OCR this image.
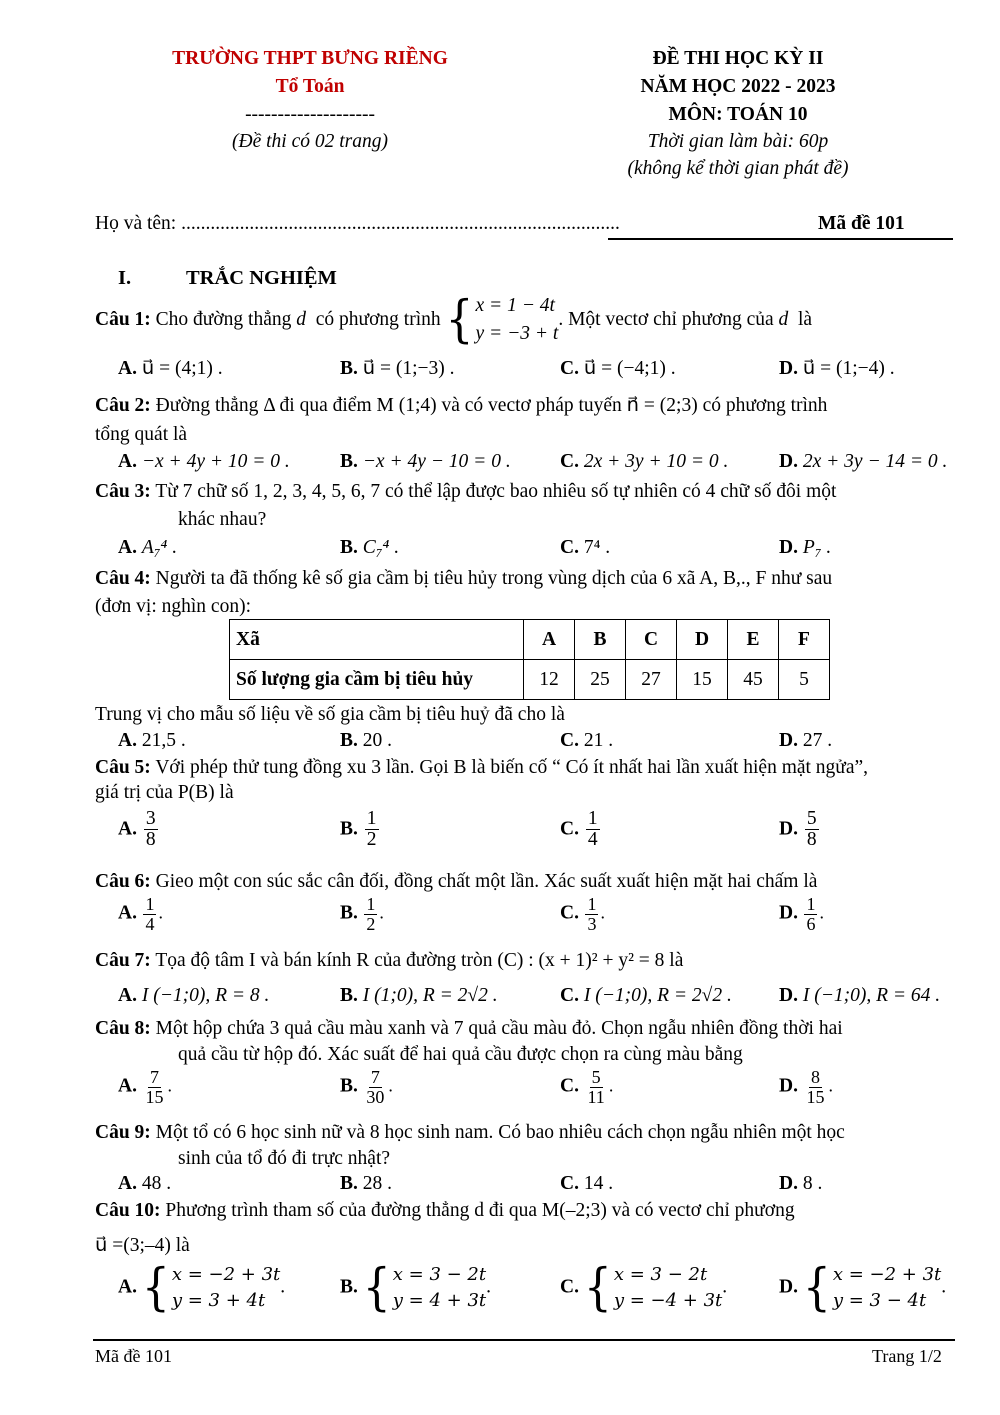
TRƯỜNG THPT BƯNG RIỀNG
Tổ Toán
--------------------
(Đề thi có 02 trang)
ĐỀ THI HỌC KỲ II
NĂM HỌC 2022 - 2023
MÔN: TOÁN 10
Thời gian làm bài: 60p
(không kể thời gian phát đề)
Họ và tên: ..........................................................................................	Mã đề 101
I.	TRẮC NGHIỆM
Câu 1:
Cho đường thẳng
d
có phương trình
{ x = 1 − 4t
y = −3 + t
. Một vectơ chỉ phương của
d
là
A. u⃗ = (4;1) .	B. u⃗ = (1;−3) .	C. u⃗ = (−4;1) .	D. u⃗ = (1;−4) .
Câu 2: Đường thẳng Δ đi qua điểm M (1;4) và có vectơ pháp tuyến n⃗ = (2;3) có phương trình
tổng quát là
A. −x + 4y + 10 = 0 .	B. −x + 4y − 10 = 0 .	C. 2x + 3y + 10 = 0 .	D. 2x + 3y − 14 = 0 .
Câu 3: Từ 7 chữ số 1, 2, 3, 4, 5, 6, 7 có thể lập được bao nhiêu số tự nhiên có 4 chữ số đôi một
khác nhau?
A. A₇⁴ .	B. C₇⁴ .	C. 7⁴ .	D. P₇ .
Câu 4: Người ta đã thống kê số gia cầm bị tiêu hủy trong vùng dịch của 6 xã A, B,., F như sau
(đơn vị: nghìn con):
Xã	A	B	C	D	E	F
Số lượng gia cầm bị tiêu hủy	12	25	27	15	45	5
Trung vị cho mẫu số liệu về số gia cầm bị tiêu huỷ đã cho là
A. 21,5 .	B. 20 .	C. 21 .	D. 27 .
Câu 5: Với phép thử tung đồng xu 3 lần. Gọi B là biến cố “ Có ít nhất hai lần xuất hiện mặt ngửa”,
giá trị của P(B) là
A. $\frac{3}{8}$	B. $\frac{1}{2}$	C. $\frac{1}{4}$	D. $\frac{5}{8}$
Câu 6: Gieo một con súc sắc cân đối, đồng chất một lần. Xác suất xuất hiện mặt hai chấm là
A. $\frac{1}{4}$ .	B. $\frac{1}{2}$ .	C. $\frac{1}{3}$ .	D. $\frac{1}{6}$ .
Câu 7: Tọa độ tâm I và bán kính R của đường tròn (C) : (x + 1)² + y² = 8 là
A. I (−1;0), R = 8 .	B. I (1;0), R = 2√2 .	C. I (−1;0), R = 2√2 . D. I (−1;0), R = 64 .
Câu 8: Một hộp chứa 3 quả cầu màu xanh và 7 quả cầu màu đỏ. Chọn ngẫu nhiên đồng thời hai
quả cầu từ hộp đó. Xác suất để hai quả cầu được chọn ra cùng màu bằng
A. $\frac{7}{15}$ .	B. $\frac{7}{30}$ .	C. $\frac{5}{11}$ .	D. $\frac{8}{15}$ .
Câu 9: Một tổ có 6 học sinh nữ và 8 học sinh nam. Có bao nhiêu cách chọn ngẫu nhiên một học
sinh của tổ đó đi trực nhật?
A. 48 .	B. 28 .	C. 14 .	D. 8 .
Câu 10: Phương trình tham số của đường thẳng d đi qua M(–2;3) và có vectơ chỉ phương
u⃗ =(3;–4) là
A. { x = −2 + 3t
y = 3 + 4t
.	B. { x = 3 − 2t
y = 4 + 3t
.	C. { x = 3 − 2t
y = −4 + 3t
.	D. { x = −2 + 3t
y = 3 − 4t
.
Mã đề 101	Trang 1/2
